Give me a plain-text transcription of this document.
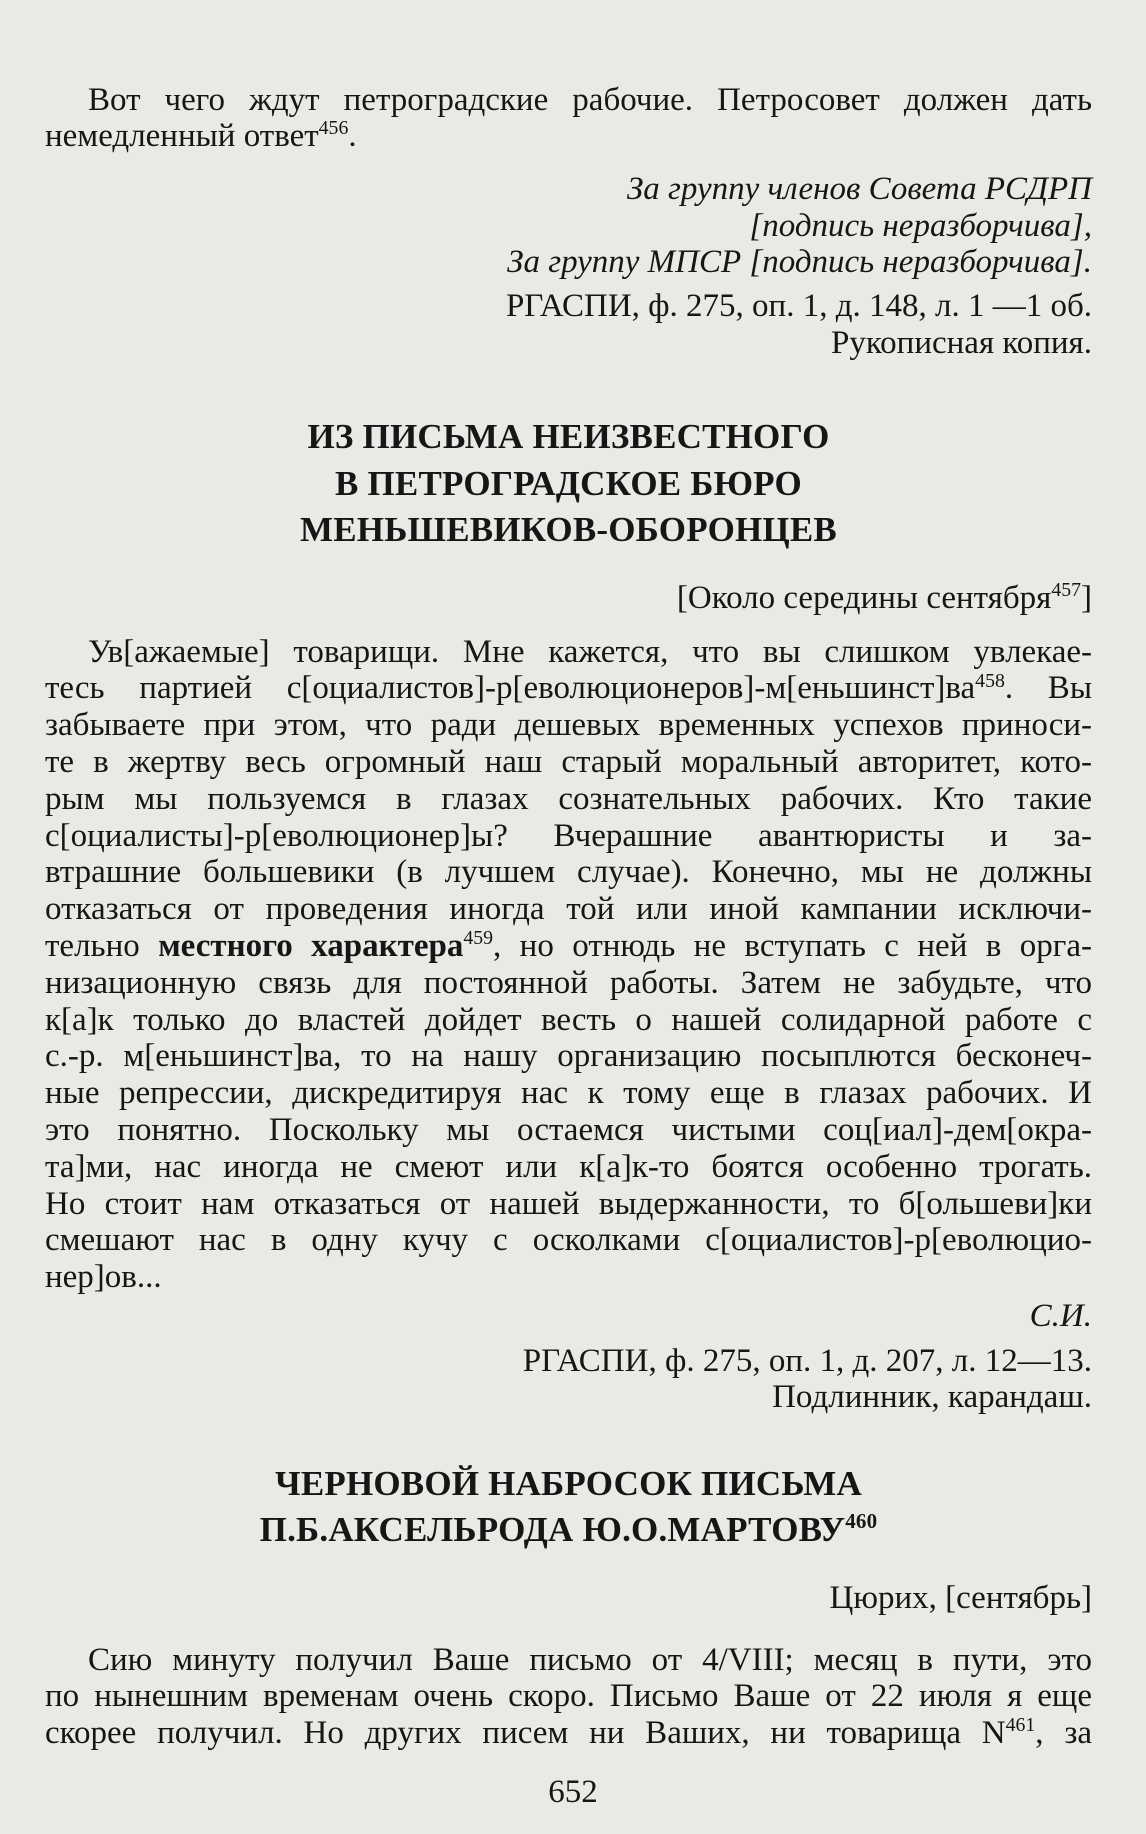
Вот чего ждут петроградские рабочие. Петросовет должен дать
немедленный ответ$^{456}$.
За группу членов Совета РСДРП
[подпись неразборчива],
За группу МПСР [подпись неразборчива].
РГАСПИ, ф. 275, оп. 1, д. 148, л. 1 —1 об.
Рукописная копия.
ИЗ ПИСЬМА НЕИЗВЕСТНОГО
В ПЕТРОГРАДСКОЕ БЮРО
МЕНЬШЕВИКОВ-ОБОРОНЦЕВ
[Около середины сентября$^{457}$]
Ув[ажаемые] товарищи. Мне кажется, что вы слишком увлекае-
тесь партией $с[оциалистов]-р[еволюционеров]-м[еньшинст]ва^{458}$. Вы
забываете при этом, что ради дешевых временных успехов приноси-
те в жертву весь огромный наш старый моральный авторитет, кото-
рым мы пользуемся в глазах сознательных рабочих. Кто такие
с[оциалисты]-р[еволюционер]ы? Вчерашние авантюристы и за-
втрашние большевики (в лучшем случае). Конечно, мы не должны
отказаться от проведения иногда той или иной кампании исключи-
тельно местного характера$^{459}$, но отнюдь не вступать с ней в орга-
низационную связь для постоянной работы. Затем не забудьте, что
к[а]к только до властей дойдет весть о нашей солидарной работе с
с.-р. м[еньшинст]ва, то на нашу организацию посыплются бесконеч-
ные репрессии, дискредитируя нас к тому еще в глазах рабочих. И
это понятно. Поскольку мы остаемся чистыми соц[иал]-дем[окра-
та]ми, нас иногда не смеют или к[а]к-то боятся особенно трогать.
Но стоит нам отказаться от нашей выдержанности, то б[ольшеви]ки
смешают нас в одну кучу с осколками с[оциалистов]-р[еволюцио-
нер]ов...
С.И.
РГАСПИ, ф. 275, оп. 1, д. 207, л. 12—13.
Подлинник, карандаш.
ЧЕРНОВОЙ НАБРОСОК ПИСЬМА
П.Б.АКСЕЛЬРОДА Ю.О.МАРТОВУ$^{460}$
Цюрих, [сентябрь]
Сию минуту получил Ваше письмо от 4/VIII; месяц в пути, это
по нынешним временам очень скоро. Письмо Ваше от 22 июля я еще
скорее получил. Но других писем ни Ваших, ни товарища $N^{461}$, за
652
